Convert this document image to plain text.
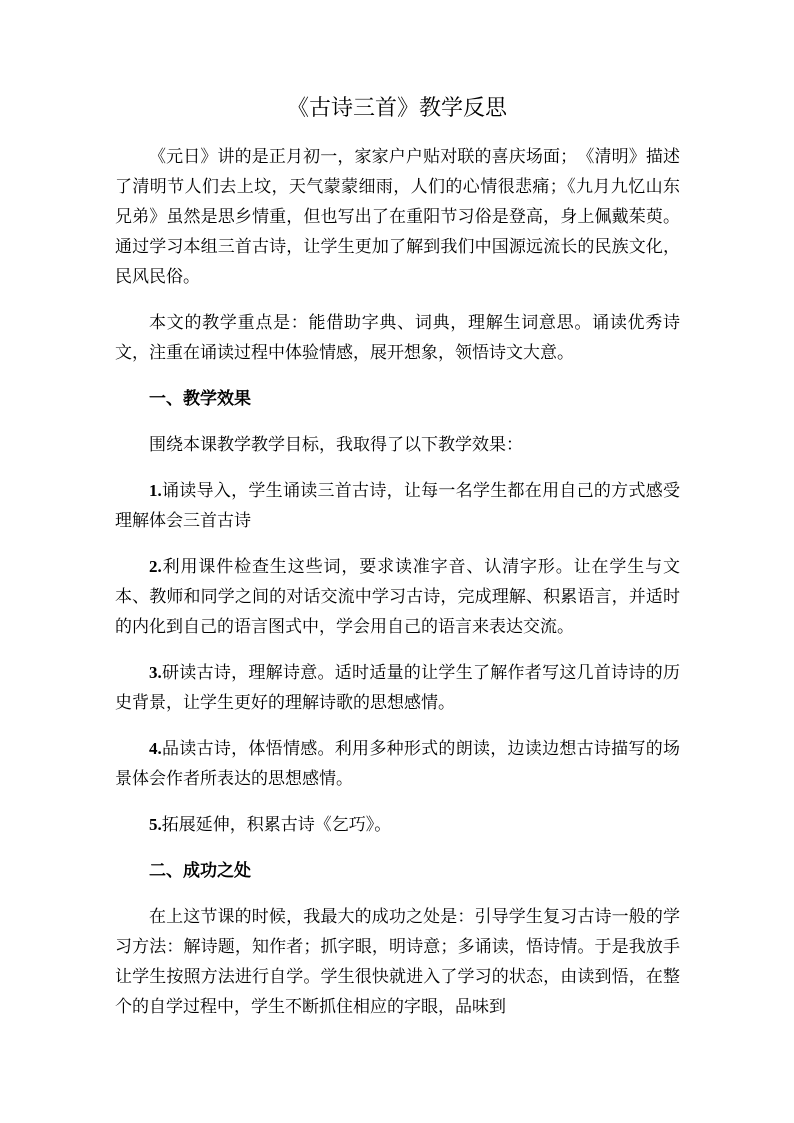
《古诗三首》教学反思

《元日》讲的是正月初一，家家户户贴对联的喜庆场面；　《清明》描述了清明节人们去上坟，天气蒙蒙细雨，人们的心情很悲痛；《九月九忆山东兄弟》虽然是思乡情重，但也写出了在重阳节习俗是登高，身上佩戴茱萸。通过学习本组三首古诗，让学生更加了解到我们中国源远流长的民族文化，民风民俗。

本文的教学重点是：能借助字典、词典，理解生词意思。诵读优秀诗文，注重在诵读过程中体验情感，展开想象，领悟诗文大意。

一、教学效果

围绕本课教学教学目标，我取得了以下教学效果：

1.诵读导入，学生诵读三首古诗，让每一名学生都在用自己的方式感受理解体会三首古诗

2.利用课件检查生这些词，要求读准字音、认清字形。让在学生与文本、教师和同学之间的对话交流中学习古诗，完成理解、积累语言，并适时的内化到自己的语言图式中，学会用自己的语言来表达交流。

3.研读古诗，理解诗意。适时适量的让学生了解作者写这几首诗诗的历史背景，让学生更好的理解诗歌的思想感情。

4.品读古诗，体悟情感。利用多种形式的朗读，边读边想古诗描写的场景体会作者所表达的思想感情。

5.拓展延伸，积累古诗《乞巧》。

二、成功之处

在上这节课的时候，我最大的成功之处是：引导学生复习古诗一般的学习方法：解诗题，知作者；抓字眼，明诗意；多诵读，悟诗情。于是我放手让学生按照方法进行自学。学生很快就进入了学习的状态，由读到悟，在整个的自学过程中，学生不断抓住相应的字眼，品味到
